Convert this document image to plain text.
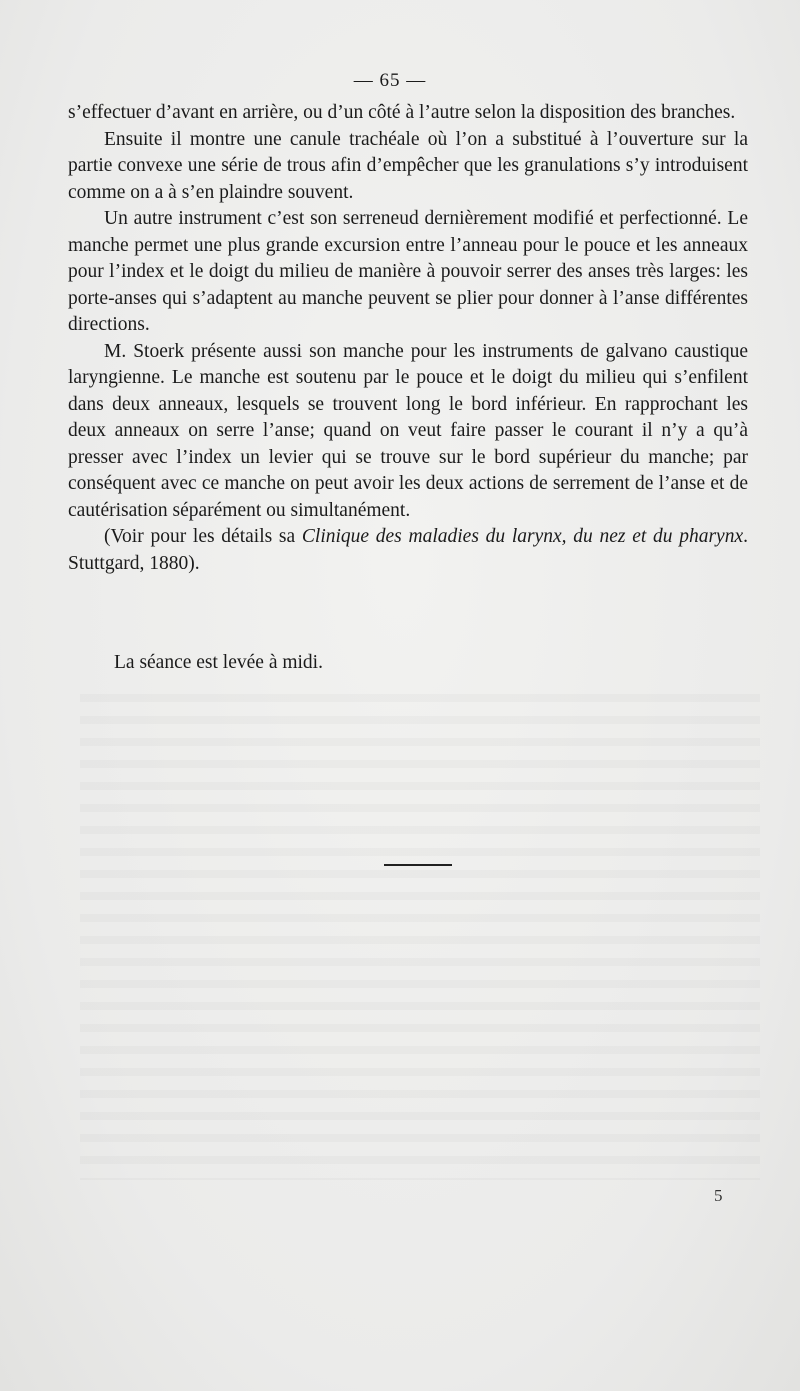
— 65 —

s’effectuer d’avant en arrière, ou d’un côté à l’autre selon la disposition des branches.

Ensuite il montre une canule trachéale où l’on a substitué à l’ouverture sur la partie convexe une série de trous afin d’empêcher que les granulations s’y introduisent comme on a à s’en plaindre souvent.

Un autre instrument c’est son serreneud dernièrement modifié et perfectionné. Le manche permet une plus grande excursion entre l’anneau pour le pouce et les anneaux pour l’index et le doigt du milieu de manière à pouvoir serrer des anses très larges: les porte-anses qui s’adaptent au manche peuvent se plier pour donner à l’anse différentes directions.

M. Stoerk présente aussi son manche pour les instruments de galvano caustique laryngienne. Le manche est soutenu par le pouce et le doigt du milieu qui s’enfilent dans deux anneaux, lesquels se trouvent long le bord inférieur. En rapprochant les deux anneaux on serre l’anse; quand on veut faire passer le courant il n’y a qu’à presser avec l’index un levier qui se trouve sur le bord supérieur du manche; par conséquent avec ce manche on peut avoir les deux actions de serrement de l’anse et de cautérisation séparément ou simultanément.

(Voir pour les détails sa Clinique des maladies du larynx, du nez et du pharynx. Stuttgard, 1880).

La séance est levée à midi.
5
